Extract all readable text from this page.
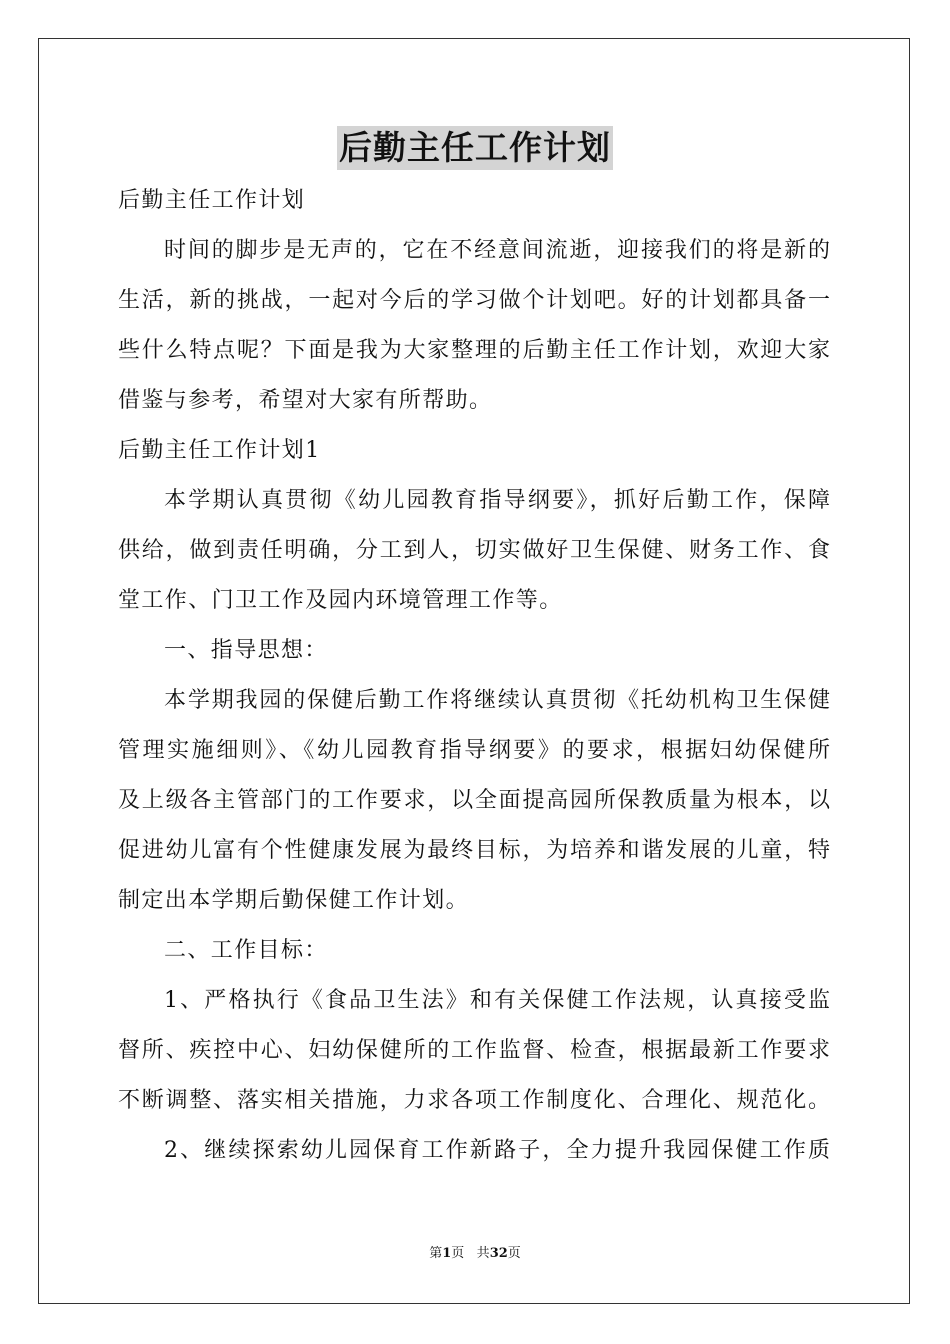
后勤主任工作计划
后勤主任工作计划
时间的脚步是无声的，它在不经意间流逝，迎接我们的将是新的
生活，新的挑战，一起对今后的学习做个计划吧。好的计划都具备一
些什么特点呢？下面是我为大家整理的后勤主任工作计划，欢迎大家
借鉴与参考，希望对大家有所帮助。
后勤主任工作计划1
本学期认真贯彻《幼儿园教育指导纲要》，抓好后勤工作，保障
供给，做到责任明确，分工到人，切实做好卫生保健、财务工作、食
堂工作、门卫工作及园内环境管理工作等。
一、指导思想：
本学期我园的保健后勤工作将继续认真贯彻《托幼机构卫生保健
管理实施细则》、《幼儿园教育指导纲要》的要求，根据妇幼保健所
及上级各主管部门的工作要求，以全面提高园所保教质量为根本，以
促进幼儿富有个性健康发展为最终目标，为培养和谐发展的儿童，特
制定出本学期后勤保健工作计划。
二、工作目标：
1、严格执行《食品卫生法》和有关保健工作法规，认真接受监
督所、疾控中心、妇幼保健所的工作监督、检查，根据最新工作要求
不断调整、落实相关措施，力求各项工作制度化、合理化、规范化。
2、继续探索幼儿园保育工作新路子，全力提升我园保健工作质
第1页 共32页
